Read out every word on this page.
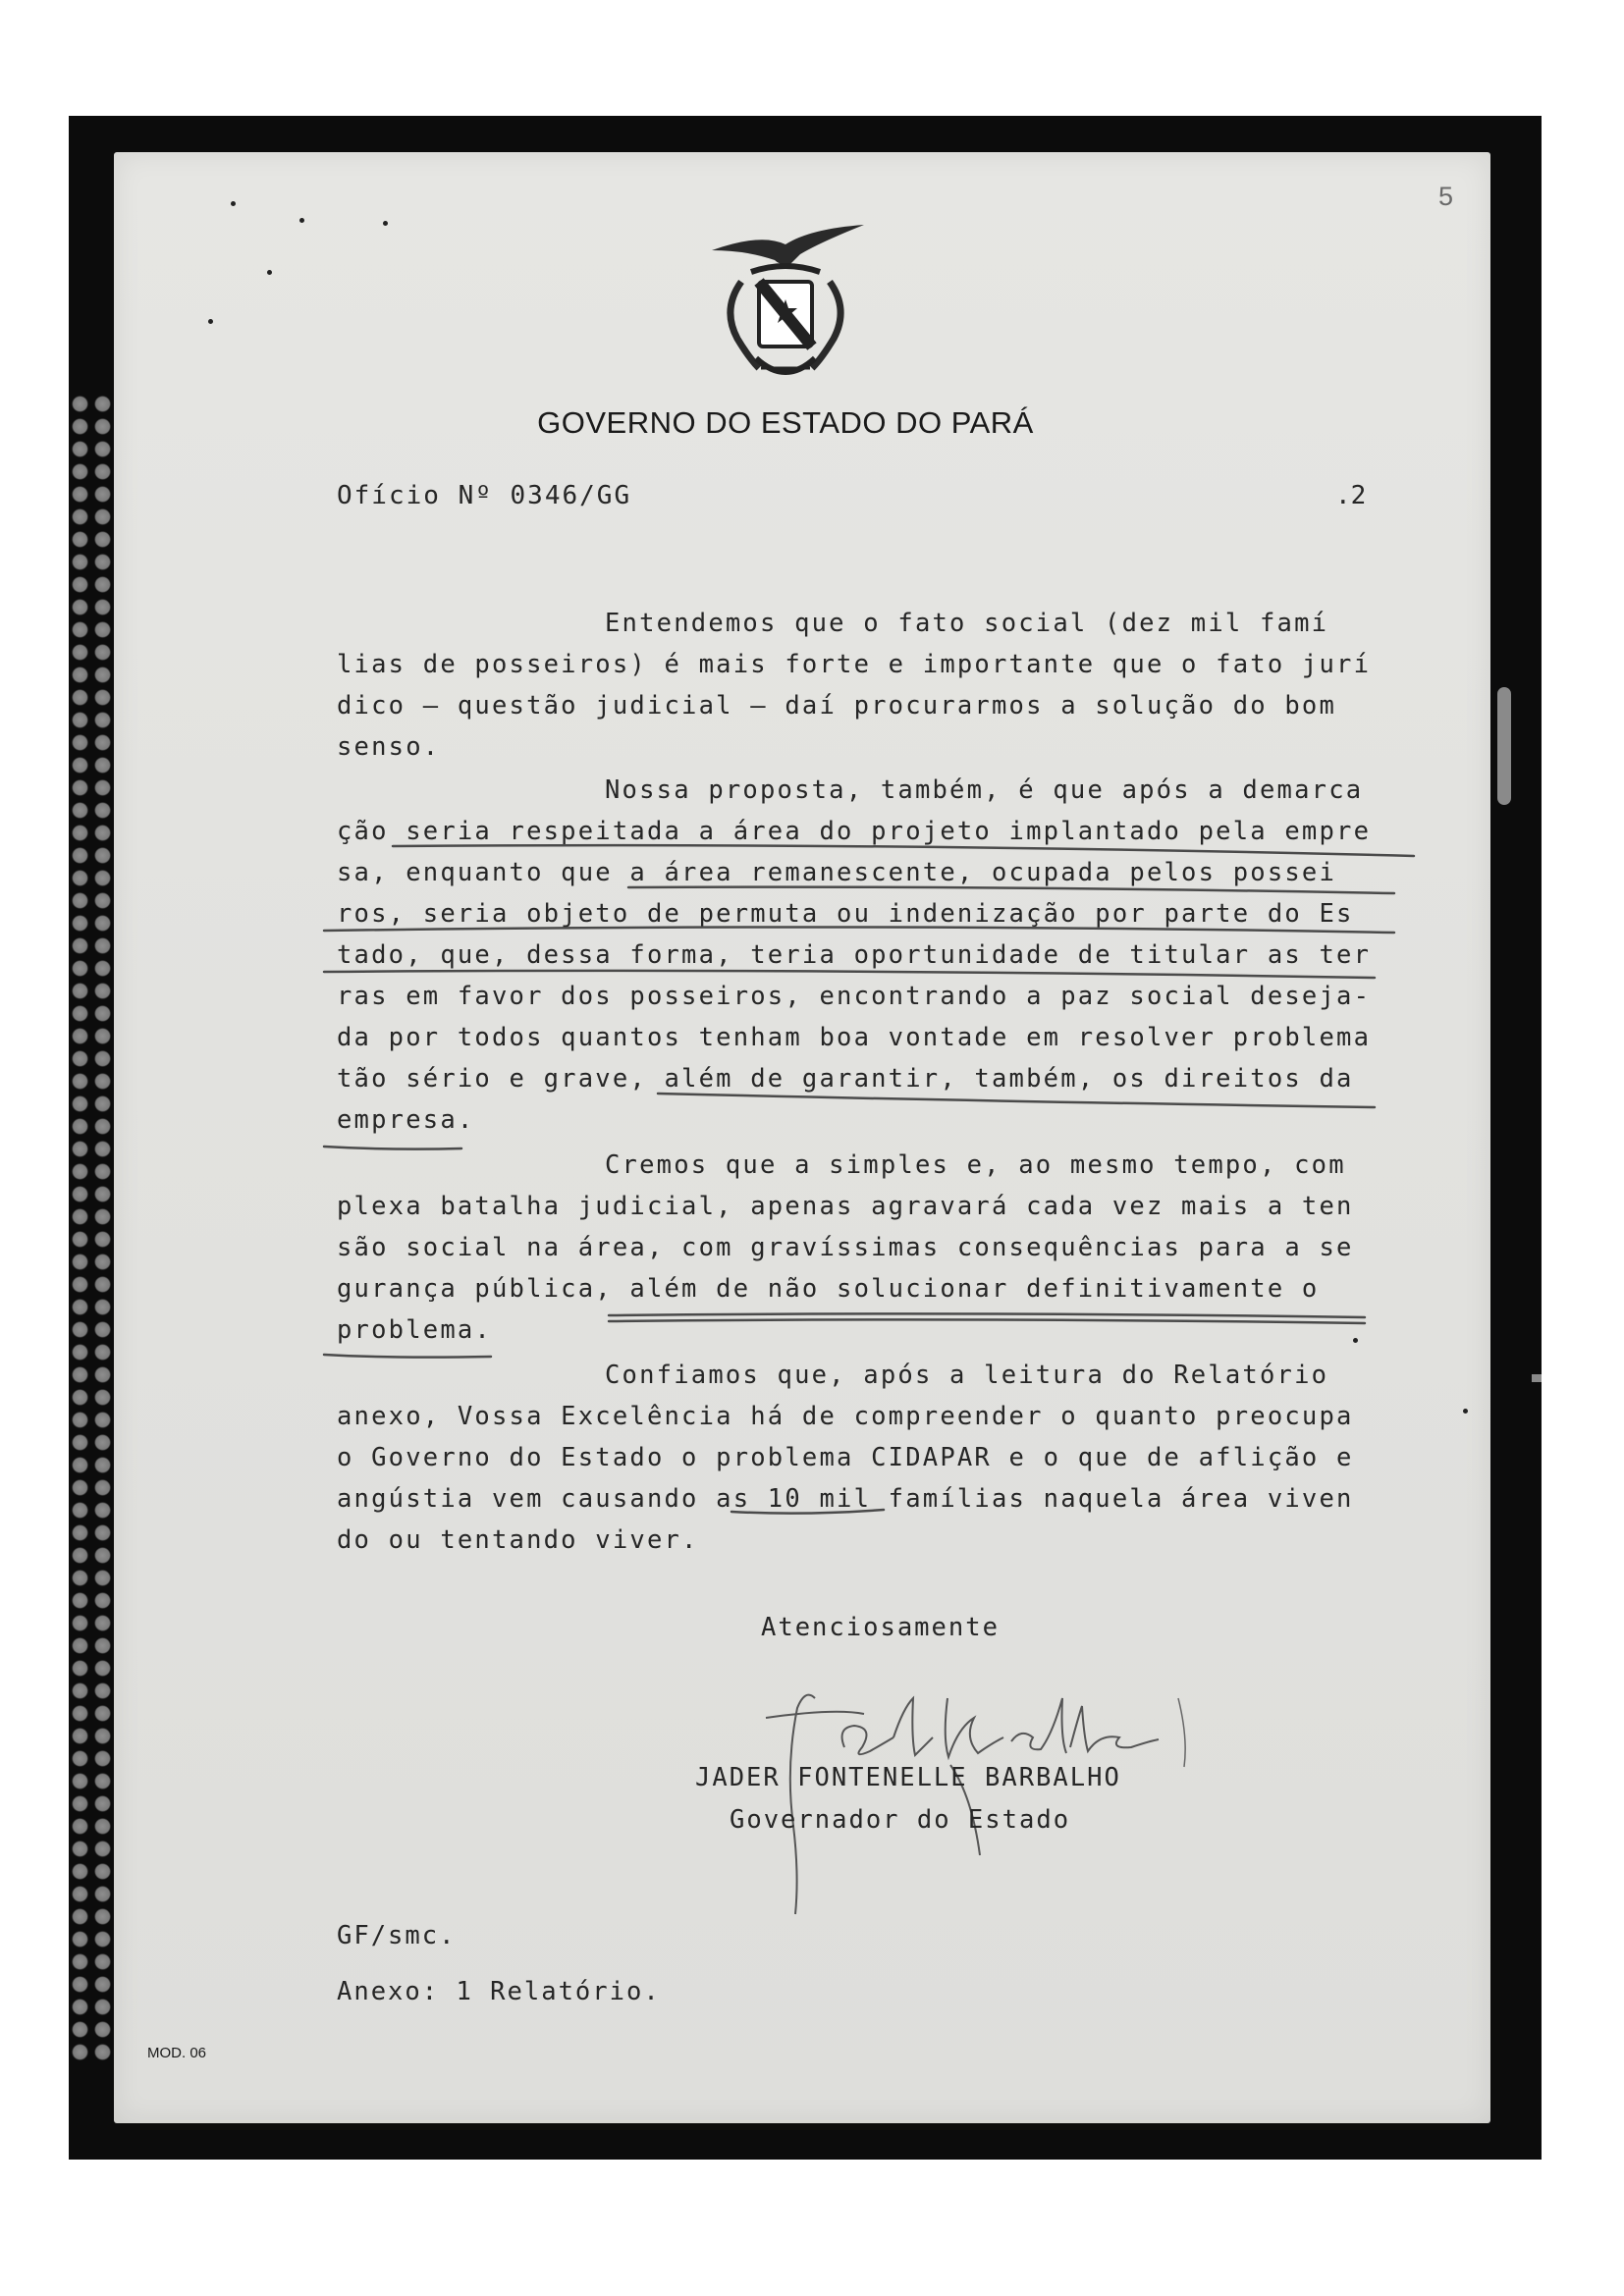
5
GOVERNO DO ESTADO DO PARÁ
Ofício Nº 0346/GG	.2
Entendemos que o fato social (dez mil famí
lias de posseiros) é mais forte e importante que o fato jurí
dico — questão judicial — daí procurarmos a solução do bom
senso.
Nossa proposta, também, é que após a demarca
ção seria respeitada a área do projeto implantado pela empre
sa, enquanto que a área remanescente, ocupada pelos possei
ros, seria objeto de permuta ou indenização por parte do Es
tado, que, dessa forma, teria oportunidade de titular as ter
ras em favor dos posseiros, encontrando a paz social deseja-
da por todos quantos tenham boa vontade em resolver problema
tão sério e grave, além de garantir, também, os direitos da
empresa.
Cremos que a simples e, ao mesmo tempo, com
plexa batalha judicial, apenas agravará cada vez mais a ten
são social na área, com gravíssimas consequências para a se
gurança pública, além de não solucionar definitivamente o
problema.
Confiamos que, após a leitura do Relatório
anexo, Vossa Excelência há de compreender o quanto preocupa
o Governo do Estado o problema CIDAPAR e o que de aflição e
angústia vem causando as 10 mil famílias naquela área viven
do ou tentando viver.
Atenciosamente
JADER FONTENELLE BARBALHO
Governador do Estado
GF/smc.
Anexo: 1 Relatório.
MOD. 06
